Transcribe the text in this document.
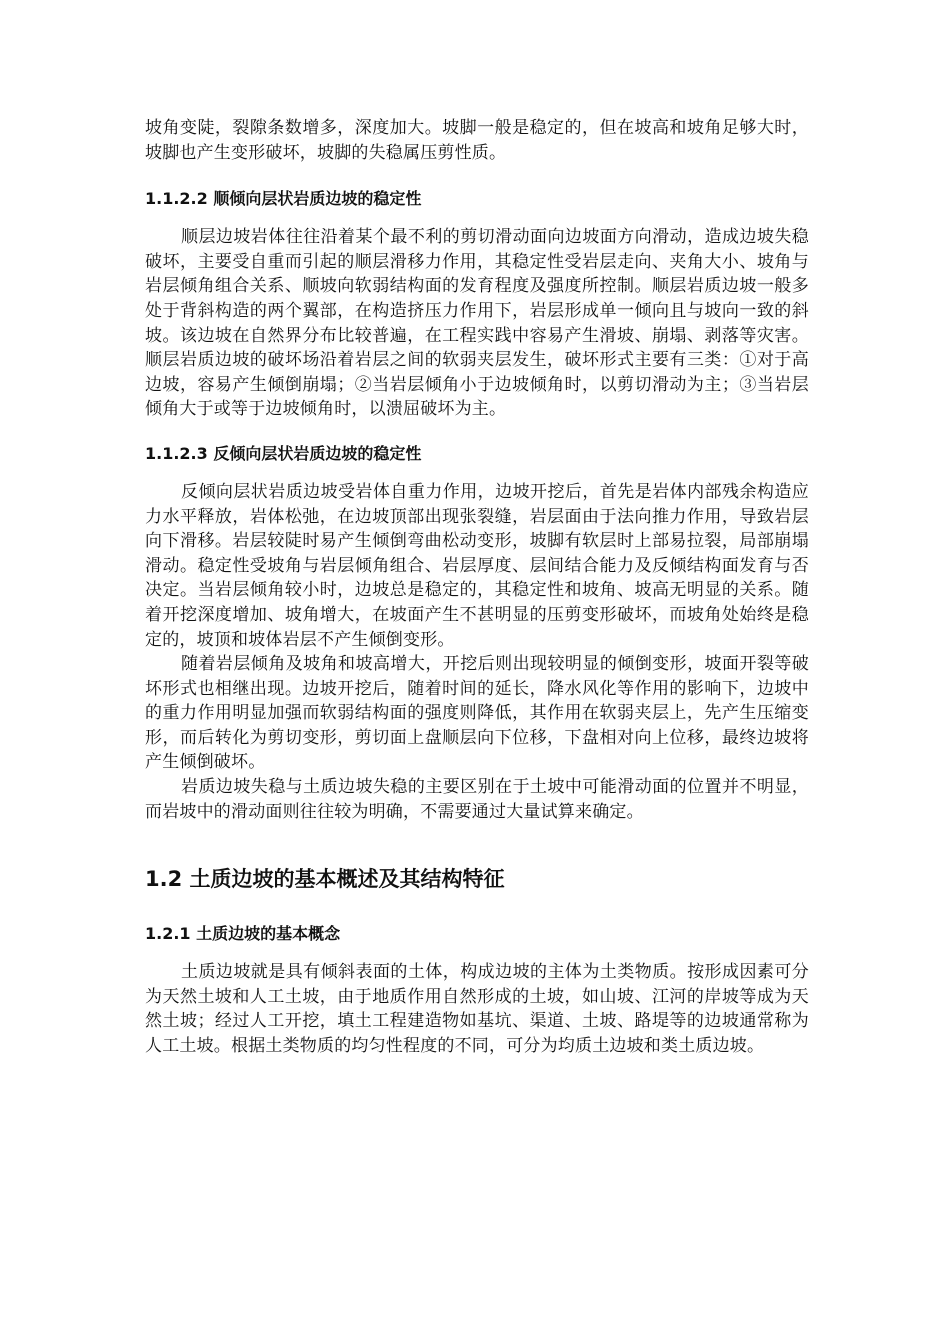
坡角变陡，裂隙条数增多，深度加大。坡脚一般是稳定的，但在坡高和坡角足够大时，坡脚也产生变形破坏，坡脚的失稳属压剪性质。

1.1.2.2 顺倾向层状岩质边坡的稳定性

顺层边坡岩体往往沿着某个最不利的剪切滑动面向边坡面方向滑动，造成边坡失稳破坏，主要受自重而引起的顺层滑移力作用，其稳定性受岩层走向、夹角大小、坡角与岩层倾角组合关系、顺坡向软弱结构面的发育程度及强度所控制。顺层岩质边坡一般多处于背斜构造的两个翼部，在构造挤压力作用下，岩层形成单一倾向且与坡向一致的斜坡。该边坡在自然界分布比较普遍，在工程实践中容易产生滑坡、崩塌、剥落等灾害。顺层岩质边坡的破坏场沿着岩层之间的软弱夹层发生，破坏形式主要有三类：①对于高边坡，容易产生倾倒崩塌；②当岩层倾角小于边坡倾角时，以剪切滑动为主；③当岩层倾角大于或等于边坡倾角时，以溃屈破坏为主。

1.1.2.3 反倾向层状岩质边坡的稳定性

反倾向层状岩质边坡受岩体自重力作用，边坡开挖后，首先是岩体内部残余构造应力水平释放，岩体松弛，在边坡顶部出现张裂缝，岩层面由于法向推力作用，导致岩层向下滑移。岩层较陡时易产生倾倒弯曲松动变形，坡脚有软层时上部易拉裂，局部崩塌滑动。稳定性受坡角与岩层倾角组合、岩层厚度、层间结合能力及反倾结构面发育与否决定。当岩层倾角较小时，边坡总是稳定的，其稳定性和坡角、坡高无明显的关系。随着开挖深度增加、坡角增大，在坡面产生不甚明显的压剪变形破坏，而坡角处始终是稳定的，坡顶和坡体岩层不产生倾倒变形。

随着岩层倾角及坡角和坡高增大，开挖后则出现较明显的倾倒变形，坡面开裂等破坏形式也相继出现。边坡开挖后，随着时间的延长，降水风化等作用的影响下，边坡中的重力作用明显加强而软弱结构面的强度则降低，其作用在软弱夹层上，先产生压缩变形，而后转化为剪切变形，剪切面上盘顺层向下位移，下盘相对向上位移，最终边坡将产生倾倒破坏。

岩质边坡失稳与土质边坡失稳的主要区别在于土坡中可能滑动面的位置并不明显，而岩坡中的滑动面则往往较为明确，不需要通过大量试算来确定。

1.2 土质边坡的基本概述及其结构特征
1.2.1 土质边坡的基本概念

土质边坡就是具有倾斜表面的土体，构成边坡的主体为土类物质。按形成因素可分为天然土坡和人工土坡，由于地质作用自然形成的土坡，如山坡、江河的岸坡等成为天然土坡；经过人工开挖，填土工程建造物如基坑、渠道、土坡、路堤等的边坡通常称为人工土坡。根据土类物质的均匀性程度的不同，可分为均质土边坡和类土质边坡。
